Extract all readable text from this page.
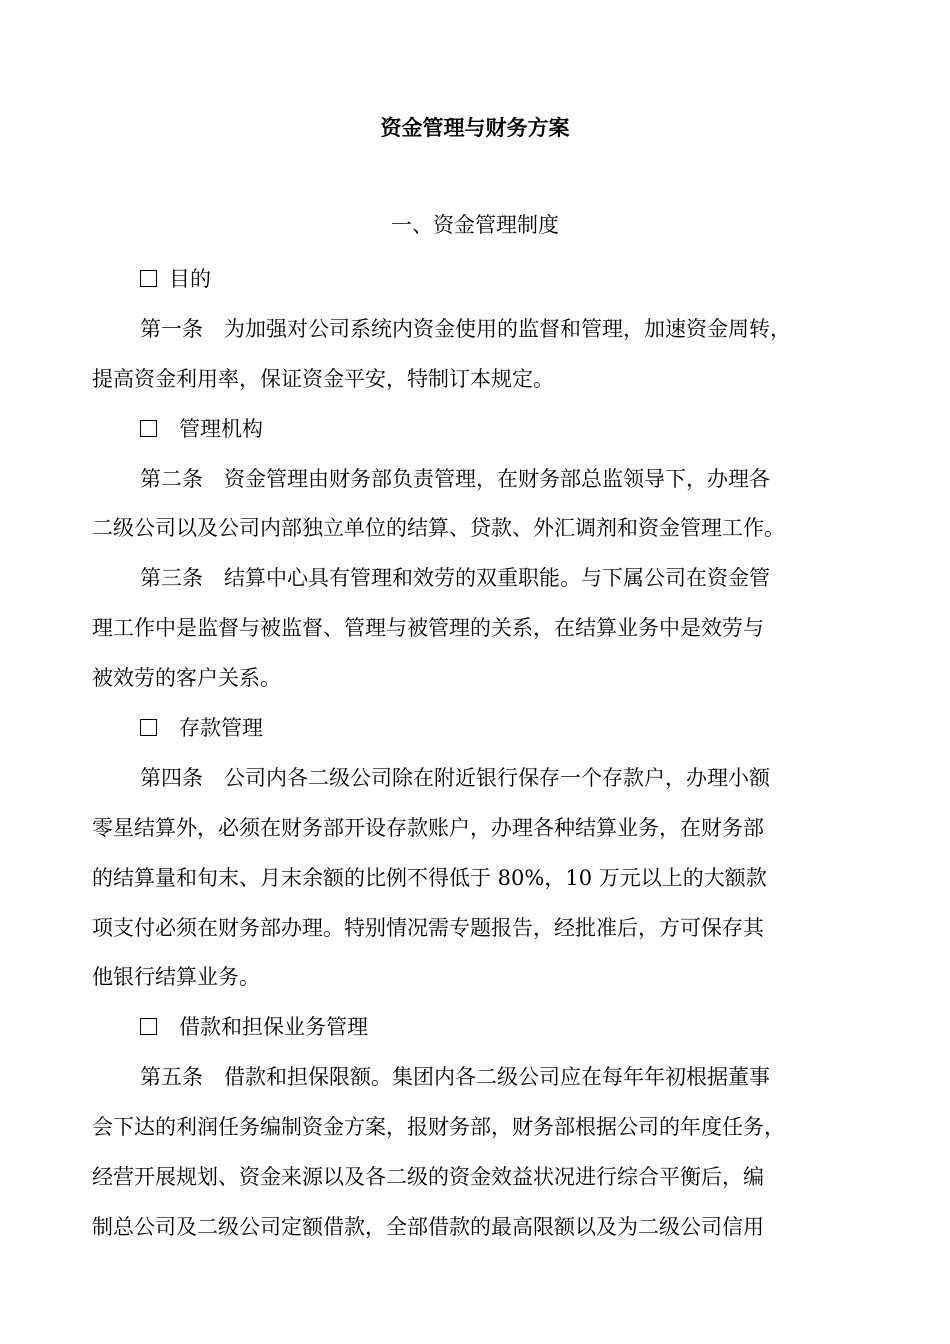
资金管理与财务方案
一、资金管理制度
目的
第一条　为加强对公司系统内资金使用的监督和管理，加速资金周转，
提高资金利用率，保证资金平安，特制订本规定。
管理机构
第二条　资金管理由财务部负责管理，在财务部总监领导下，办理各
二级公司以及公司内部独立单位的结算、贷款、外汇调剂和资金管理工作。
第三条　结算中心具有管理和效劳的双重职能。与下属公司在资金管
理工作中是监督与被监督、管理与被管理的关系，在结算业务中是效劳与
被效劳的客户关系。
存款管理
第四条　公司内各二级公司除在附近银行保存一个存款户，办理小额
零星结算外，必须在财务部开设存款账户，办理各种结算业务，在财务部
的结算量和旬末、月末余额的比例不得低于 80%，10 万元以上的大额款
项支付必须在财务部办理。特别情况需专题报告，经批准后，方可保存其
他银行结算业务。
借款和担保业务管理
第五条　借款和担保限额。集团内各二级公司应在每年年初根据董事
会下达的利润任务编制资金方案，报财务部，财务部根据公司的年度任务，
经营开展规划、资金来源以及各二级的资金效益状况进行综合平衡后，编
制总公司及二级公司定额借款，全部借款的最高限额以及为二级公司信用
